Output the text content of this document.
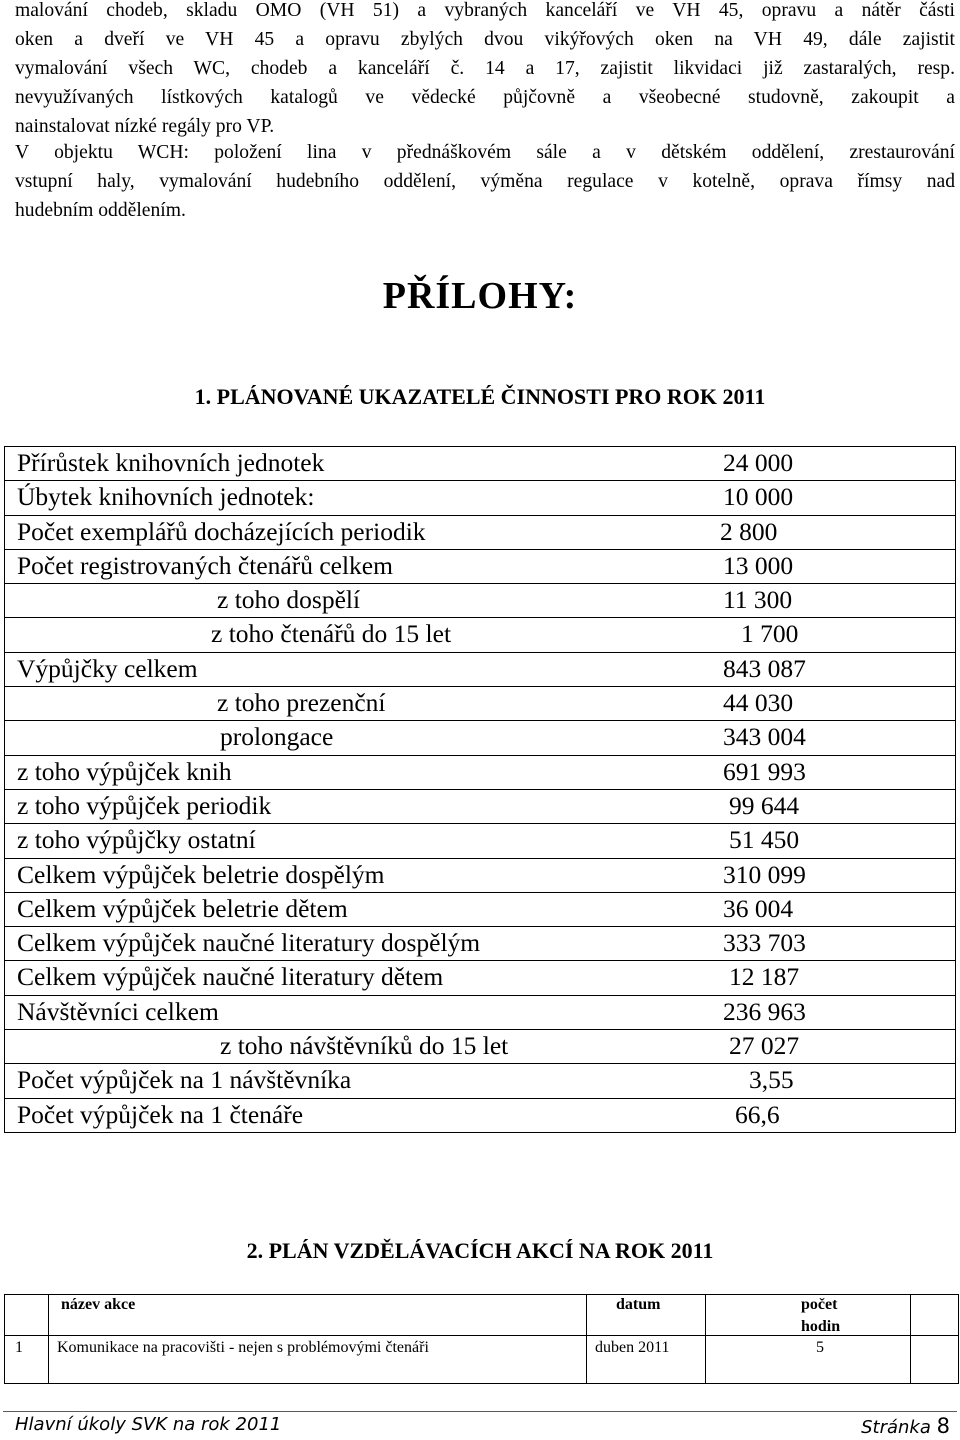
malování chodeb, skladu OMO (VH 51) a vybraných kanceláří ve VH 45, opravu a nátěr části
oken a dveří ve VH 45 a opravu zbylých dvou vikýřových oken na VH 49, dále zajistit
vymalování všech WC, chodeb a kanceláří č. 14 a 17, zajistit likvidaci již zastaralých, resp.
nevyužívaných lístkových katalogů ve vědecké půjčovně a všeobecné studovně, zakoupit a
nainstalovat nízké regály pro VP.
V objektu WCH: položení lina v přednáškovém sále a v dětském oddělení, zrestaurování
vstupní haly, vymalování hudebního oddělení, výměna regulace v kotelně, oprava římsy nad
hudebním oddělením.
PŘÍLOHY:
1. PLÁNOVANÉ UKAZATELÉ ČINNOSTI PRO ROK 2011
Přírůstek knihovních jednotek	24 000

Úbytek knihovních jednotek:	10 000

Počet exemplářů docházejících periodik	2 800

Počet registrovaných čtenářů celkem	13 000

z toho dospělí	11 300

z toho čtenářů do 15 let	1 700

Výpůjčky celkem	843 087

z toho prezenční	44 030

prolongace	343 004

z toho výpůjček knih	691 993

z toho výpůjček periodik	99 644

z toho výpůjčky ostatní	51 450

Celkem výpůjček beletrie dospělým	310 099

Celkem výpůjček beletrie dětem	36 004

Celkem výpůjček naučné literatury dospělým	333 703

Celkem výpůjček naučné literatury dětem	12 187

Návštěvníci celkem	236 963

z toho návštěvníků do 15 let	27 027

Počet výpůjček na 1 návštěvníka	3,55

Počet výpůjček na 1 čtenáře	66,6
2. PLÁN VZDĚLÁVACÍCH AKCÍ NA ROK 2011
název akce	datum	počet
hodin
1 Komunikace na pracovišti - nejen s problémovými čtenáři	duben 2011	5
Hlavní úkoly SVK na rok 2011	Stránka 8
